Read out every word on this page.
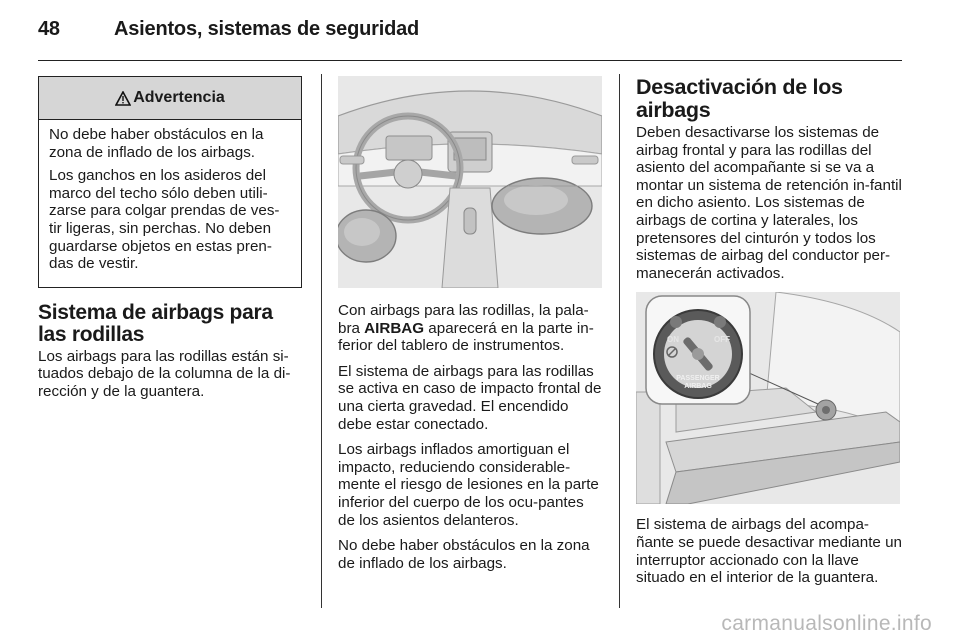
48	Asientos, sistemas de seguridad
Advertencia

No debe haber obstáculos en la zona de inflado de los airbags.

Los ganchos en los asideros del marco del techo sólo deben utili-zarse para colgar prendas de ves-tir ligeras, sin perchas. No deben guardarse objetos en estas pren-das de vestir.

Sistema de airbags para las rodillas

Los airbags para las rodillas están si-tuados debajo de la columna de la di-rección y de la guantera.

Con airbags para las rodillas, la pala-bra AIRBAG aparecerá en la parte in-ferior del tablero de instrumentos.

El sistema de airbags para las rodillas se activa en caso de impacto frontal de una cierta gravedad. El encendido debe estar conectado.

Los airbags inflados amortiguan el impacto, reduciendo considerable-mente el riesgo de lesiones en la parte inferior del cuerpo de los ocu-pantes de los asientos delanteros.

No debe haber obstáculos en la zona de inflado de los airbags.

Desactivación de los airbags

Deben desactivarse los sistemas de airbag frontal y para las rodillas del asiento del acompañante si se va a montar un sistema de retención in-fantil en dicho asiento. Los sistemas de airbags de cortina y laterales, los pretensores del cinturón y todos los sistemas de airbag del conductor per-manecerán activados.

ON	OFF
PASSENGER
AIRBAG

El sistema de airbags del acompa-ñante se puede desactivar mediante un interruptor accionado con la llave situado en el interior de la guantera.

carmanualsonline.info
